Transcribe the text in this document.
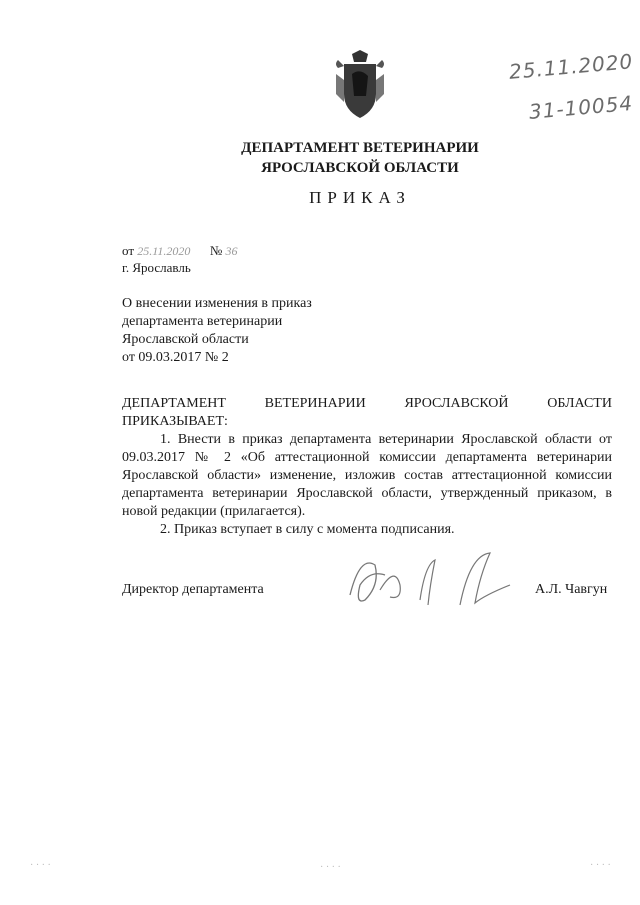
25.11.2020
31-10054
ДЕПАРТАМЕНТ ВЕТЕРИНАРИИ
ЯРОСЛАВСКОЙ ОБЛАСТИ
ПРИКАЗ
от 25.11.2020 № 36
г. Ярославль
О внесении изменения в приказ
департамента ветеринарии
Ярославской области
от 09.03.2017 № 2
ДЕПАРТАМЕНТ	ВЕТЕРИНАРИИ	ЯРОСЛАВСКОЙ	ОБЛАСТИ
ПРИКАЗЫВАЕТ:
1. Внести в приказ департамента ветеринарии Ярославской области от 09.03.2017 № 2 «Об аттестационной комиссии департамента ветеринарии Ярославской области» изменение, изложив состав аттестационной комиссии департамента ветеринарии Ярославской области, утвержденный приказом, в новой редакции (прилагается).
2. Приказ вступает в силу с момента подписания.
Директор департамента	А.Л. Чавгун
· · · ·	· · · ·	· · · ·
